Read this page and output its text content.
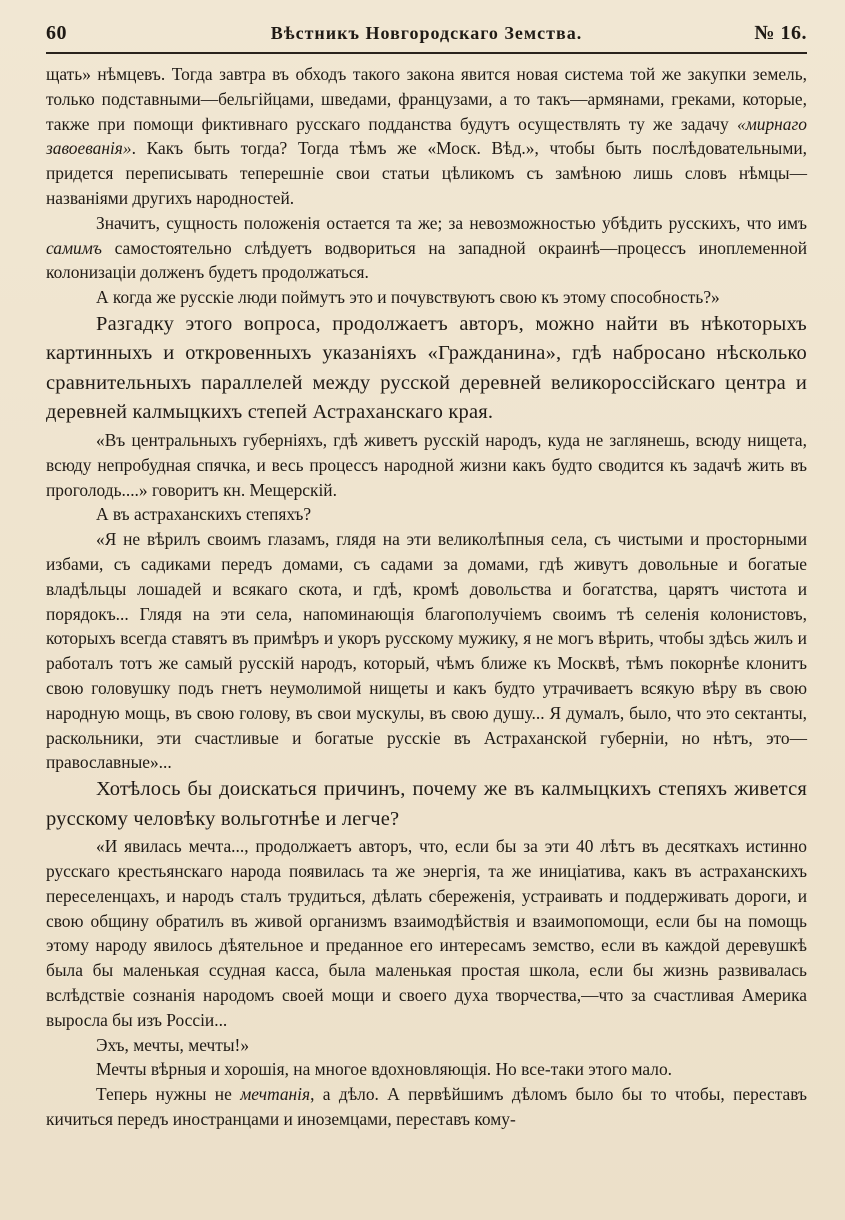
60	Вѣстникъ Новгородскаго Земства.	№ 16.

щать» нѣмцевъ. Тогда завтра въ обходъ такого закона явится новая система той же закупки земель, только подставными—бельгійцами, шведами, французами, а то такъ—армянами, греками, которые, также при помощи фиктивнаго русскаго подданства будутъ осуществлять ту же задачу «мирнаго завоеванія». Какъ быть тогда? Тогда тѣмъ же «Моск. Вѣд.», чтобы быть послѣдовательными, придется переписывать теперешніе свои статьи цѣликомъ съ замѣною лишь словъ нѣмцы—названіями другихъ народностей.

Значитъ, сущность положенія остается та же; за невозможностью убѣдить русскихъ, что имъ самимъ самостоятельно слѣдуетъ водвориться на западной окраинѣ—процессъ иноплеменной колонизаціи долженъ будетъ продолжаться.

А когда же русскіе люди поймутъ это и почувствуютъ свою къ этому способность?»

Разгадку этого вопроса, продолжаетъ авторъ, можно найти въ нѣкоторыхъ картинныхъ и откровенныхъ указаніяхъ «Гражданина», гдѣ набросано нѣсколько сравнительныхъ параллелей между русской деревней великороссійскаго центра и деревней калмыцкихъ степей Астраханскаго края.

«Въ центральныхъ губерніяхъ, гдѣ живетъ русскій народъ, куда не заглянешь, всюду нищета, всюду непробудная спячка, и весь процессъ народной жизни какъ будто сводится къ задачѣ жить въ проголодь....» говоритъ кн. Мещерскій.

А въ астраханскихъ степяхъ?

«Я не вѣрилъ своимъ глазамъ, глядя на эти великолѣпныя села, съ чистыми и просторными избами, съ садиками передъ домами, съ садами за домами, гдѣ живутъ довольные и богатые владѣльцы лошадей и всякаго скота, и гдѣ, кромѣ довольства и богатства, царятъ чистота и порядокъ... Глядя на эти села, напоминающія благополучіемъ своимъ тѣ селенія колонистовъ, которыхъ всегда ставятъ въ примѣръ и укоръ русскому мужику, я не могъ вѣрить, чтобы здѣсь жилъ и работалъ тотъ же самый русскій народъ, который, чѣмъ ближе къ Москвѣ, тѣмъ покорнѣе клонитъ свою головушку подъ гнетъ неумолимой нищеты и какъ будто утрачиваетъ всякую вѣру въ свою народную мощь, въ свою голову, въ свои мускулы, въ свою душу... Я думалъ, было, что это сектанты, раскольники, эти счастливые и богатые русскіе въ Астраханской губерніи, но нѣтъ, это—православные»...

Хотѣлось бы доискаться причинъ, почему же въ калмыцкихъ степяхъ живется русскому человѣку вольготнѣе и легче?

«И явилась мечта..., продолжаетъ авторъ, что, если бы за эти 40 лѣтъ въ десяткахъ истинно русскаго крестьянскаго народа появилась та же энергія, та же иниціатива, какъ въ астраханскихъ переселенцахъ, и народъ сталъ трудиться, дѣлать сбереженія, устраивать и поддерживать дороги, и свою общину обратилъ въ живой организмъ взаимодѣйствія и взаимопомощи, если бы на помощь этому народу явилось дѣятельное и преданное его интересамъ земство, если въ каждой деревушкѣ была бы маленькая ссудная касса, была маленькая простая школа, если бы жизнь развивалась вслѣдствіе сознанія народомъ своей мощи и своего духа творчества,—что за счастливая Америка выросла бы изъ Россіи...

Эхъ, мечты, мечты!»

Мечты вѣрныя и хорошія, на многое вдохновляющія. Но все-таки этого мало.

Теперь нужны не мечтанія, а дѣло. А первѣйшимъ дѣломъ было бы то чтобы, переставъ кичиться передъ иностранцами и иноземцами, переставъ кому-
